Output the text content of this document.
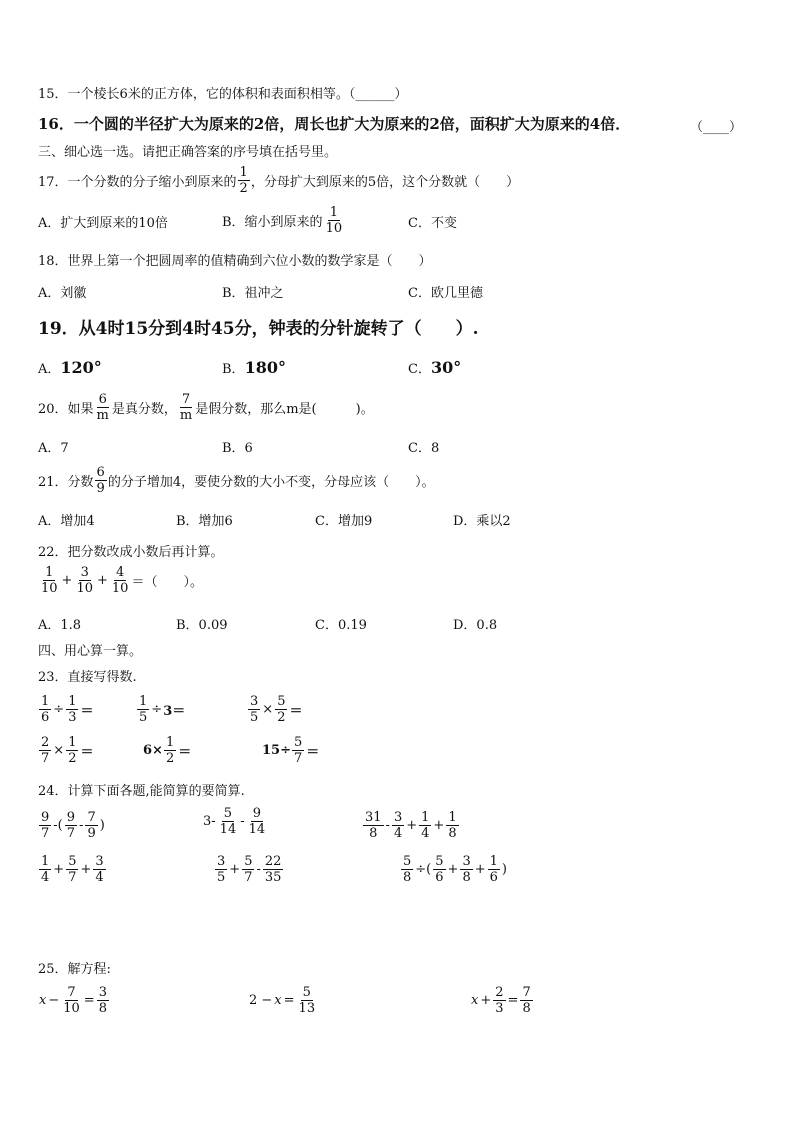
15．一个棱长6米的正方体，它的体积和表面积相等。（______）
16．一个圆的半径扩大为原来的2倍，周长也扩大为原来的2倍，面积扩大为原来的4倍．	（____）
三、细心选一选。请把正确答案的序号填在括号里。
17．一个分数的分子缩小到原来的 $\frac{1}{2}$ ，分母扩大到原来的5倍，这个分数就（　　）
A．扩大到原来的10倍	B．缩小到原来的 $\frac{1}{10}$	C．不变
18．世界上第一个把圆周率的值精确到六位小数的数学家是（　　）
A．刘徽	B．祖冲之	C．欧几里德
19．从4时15分到4时45分，钟表的分针旋转了（　　）.
A．120°	B．180°	C．30°
20．如果 $\frac{6}{m}$ 是真分数， $\frac{7}{m}$ 是假分数，那么m是(　　　)。
A．7	B．6	C．8
21．分数 $\frac{6}{9}$ 的分子增加4，要使分数的大小不变，分母应该（　　）。
A．增加4	B．增加6	C．增加9	D．乘以2
22．把分数改成小数后再计算。
$\frac{1}{10} + \frac{3}{10} + \frac{4}{10}$ ＝（　　）。
A．1.8	B．0.09	C．0.19	D．0.8
四、用心算一算。
23．直接写得数.
$\frac{1}{6} \div \frac{1}{3}$ ＝	$\frac{1}{5} \div 3=$	$\frac{3}{5} \times \frac{5}{2}$ ＝
$\frac{2}{7} \times \frac{1}{2}$ ＝	$6\times \frac{1}{2}$ ＝	$15\div \frac{5}{7}$ ＝
24．计算下面各题,能简算的要简算.
$\frac{9}{7}$ -( $\frac{9}{7} - \frac{7}{9}$ )	$3- \frac{5}{14} - \frac{9}{14}$	$\frac{31}{8} - \frac{3}{4} + \frac{1}{4} + \frac{1}{8}$
$\frac{1}{4} + \frac{5}{7} + \frac{3}{4}$	$\frac{3}{5} + \frac{5}{7} - \frac{22}{35}$	$\frac{5}{8}$ ÷( $\frac{5}{6} + \frac{3}{8} + \frac{1}{6}$ )
25．解方程:
$x - \frac{7}{10} = \frac{3}{8}$	$2 - x = \frac{5}{13}$	$x + \frac{2}{3} = \frac{7}{8}$
